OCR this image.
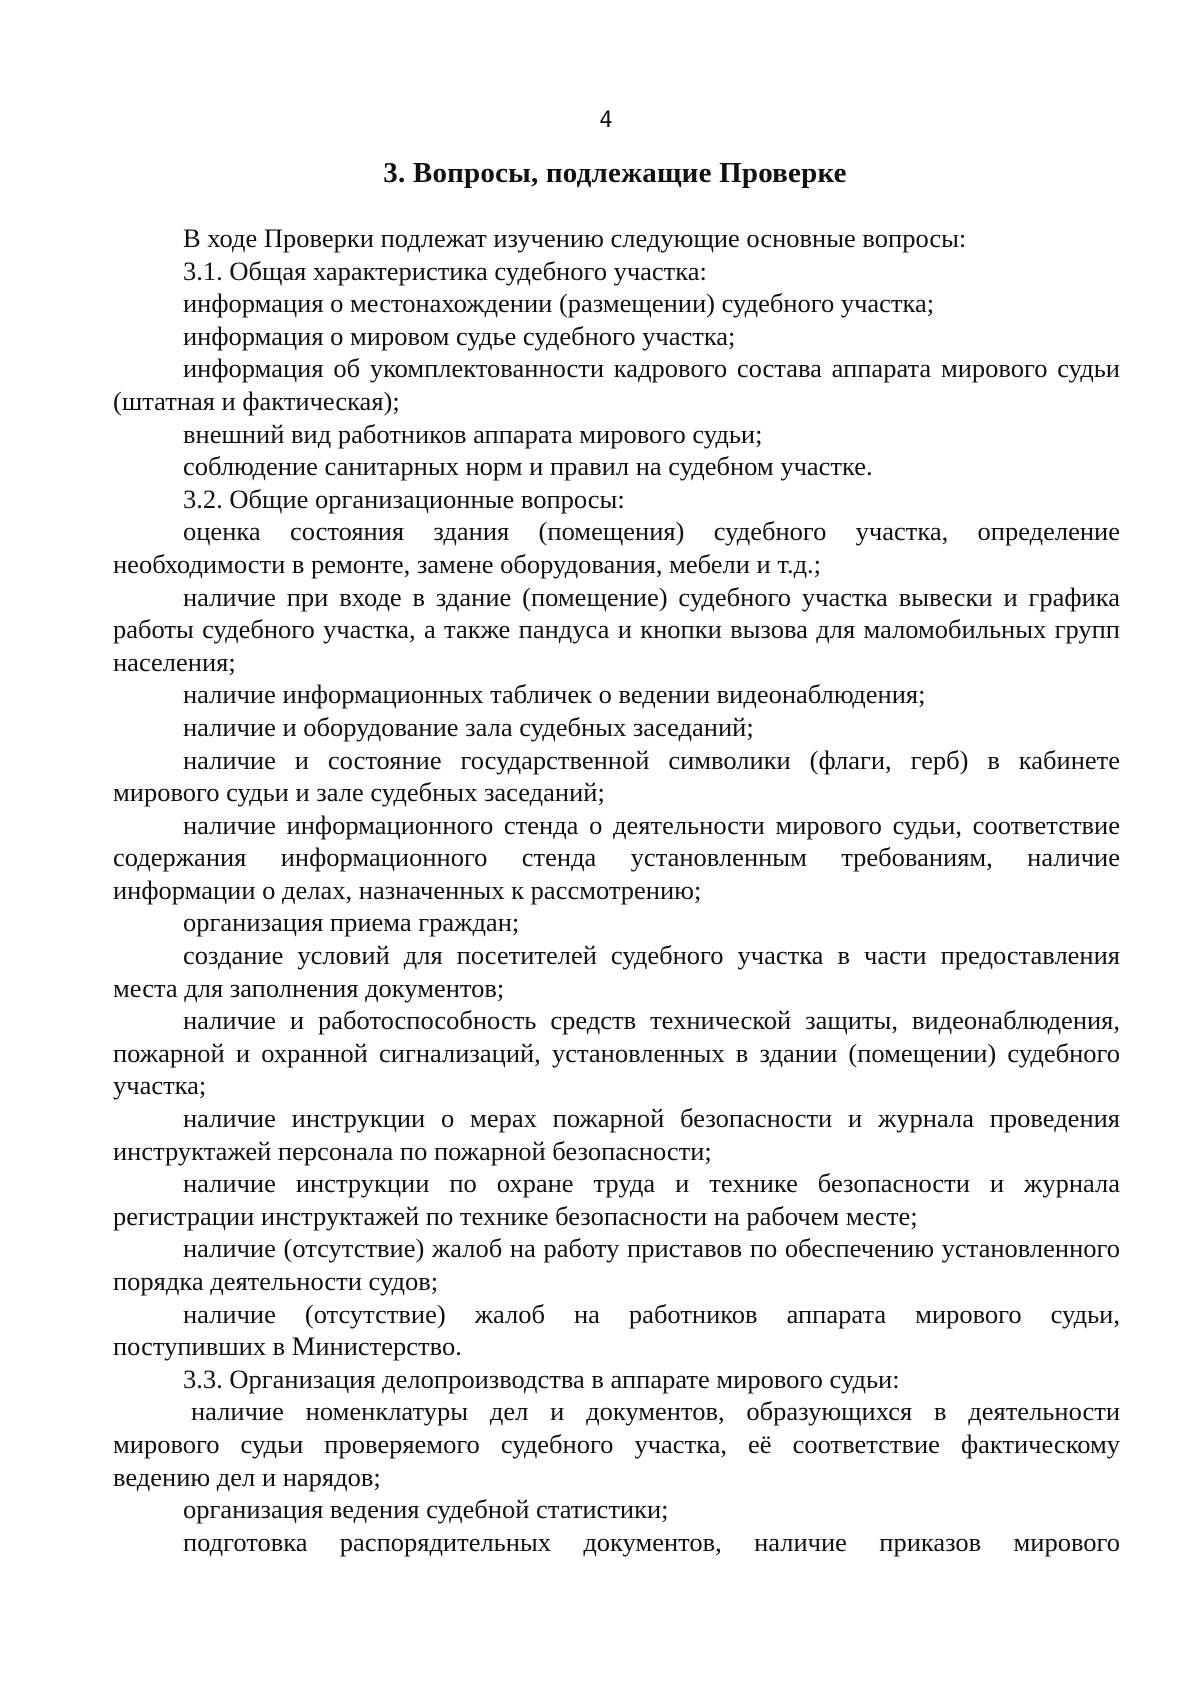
4
3. Вопросы, подлежащие Проверке

В ходе Проверки подлежат изучению следующие основные вопросы:

3.1. Общая характеристика судебного участка:

информация о местонахождении (размещении) судебного участка;

информация о мировом судье судебного участка;

информация об укомплектованности кадрового состава аппарата мирового судьи (штатная и фактическая);

внешний вид работников аппарата мирового судьи;

соблюдение санитарных норм и правил на судебном участке.

3.2. Общие организационные вопросы:

оценка состояния здания (помещения) судебного участка, определение необходимости в ремонте, замене оборудования, мебели и т.д.;

наличие при входе в здание (помещение) судебного участка вывески и графика работы судебного участка, а также пандуса и кнопки вызова для маломобильных групп населения;

наличие информационных табличек о ведении видеонаблюдения;

наличие и оборудование зала судебных заседаний;

наличие и состояние государственной символики (флаги, герб) в кабинете мирового судьи и зале судебных заседаний;

наличие информационного стенда о деятельности мирового судьи, соответствие содержания информационного стенда установленным требованиям, наличие информации о делах, назначенных к рассмотрению;

организация приема граждан;

создание условий для посетителей судебного участка в части предоставления места для заполнения документов;

наличие и работоспособность средств технической защиты, видеонаблюдения, пожарной и охранной сигнализаций, установленных в здании (помещении) судебного участка;

наличие инструкции о мерах пожарной безопасности и журнала проведения инструктажей персонала по пожарной безопасности;

наличие инструкции по охране труда и технике безопасности и журнала регистрации инструктажей по технике безопасности на рабочем месте;

наличие (отсутствие) жалоб на работу приставов по обеспечению установленного порядка деятельности судов;

наличие (отсутствие) жалоб на работников аппарата мирового судьи, поступивших в Министерство.

3.3. Организация делопроизводства в аппарате мирового судьи:

наличие номенклатуры дел и документов, образующихся в деятельности мирового судьи проверяемого судебного участка, её соответствие фактическому ведению дел и нарядов;

организация ведения судебной статистики;

подготовка распорядительных документов, наличие приказов мирового
